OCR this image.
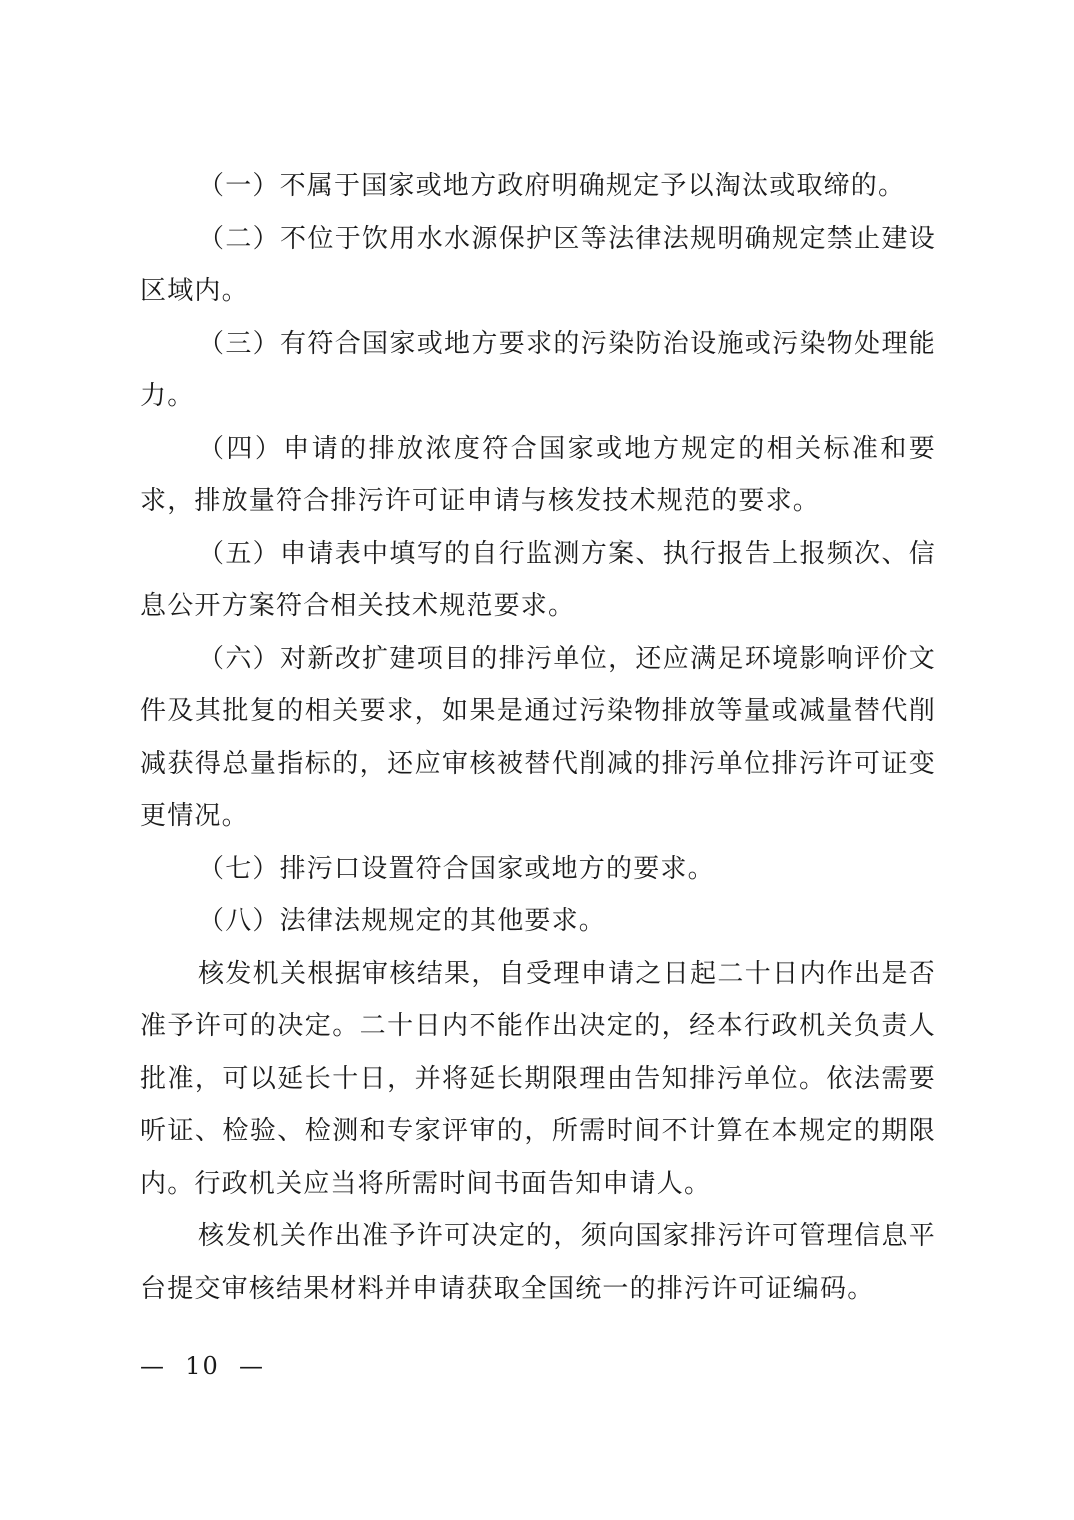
（一）不属于国家或地方政府明确规定予以淘汰或取缔的。

（二）不位于饮用水水源保护区等法律法规明确规定禁止建设区域内。

（三）有符合国家或地方要求的污染防治设施或污染物处理能力。

（四）申请的排放浓度符合国家或地方规定的相关标准和要求，排放量符合排污许可证申请与核发技术规范的要求。

（五）申请表中填写的自行监测方案、执行报告上报频次、信息公开方案符合相关技术规范要求。

（六）对新改扩建项目的排污单位，还应满足环境影响评价文件及其批复的相关要求，如果是通过污染物排放等量或减量替代削减获得总量指标的，还应审核被替代削减的排污单位排污许可证变更情况。

（七）排污口设置符合国家或地方的要求。

（八）法律法规规定的其他要求。

核发机关根据审核结果，自受理申请之日起二十日内作出是否准予许可的决定。二十日内不能作出决定的，经本行政机关负责人批准，可以延长十日，并将延长期限理由告知排污单位。依法需要听证、检验、检测和专家评审的，所需时间不计算在本规定的期限内。行政机关应当将所需时间书面告知申请人。

核发机关作出准予许可决定的，须向国家排污许可管理信息平台提交审核结果材料并申请获取全国统一的排污许可证编码。

—  10  —
